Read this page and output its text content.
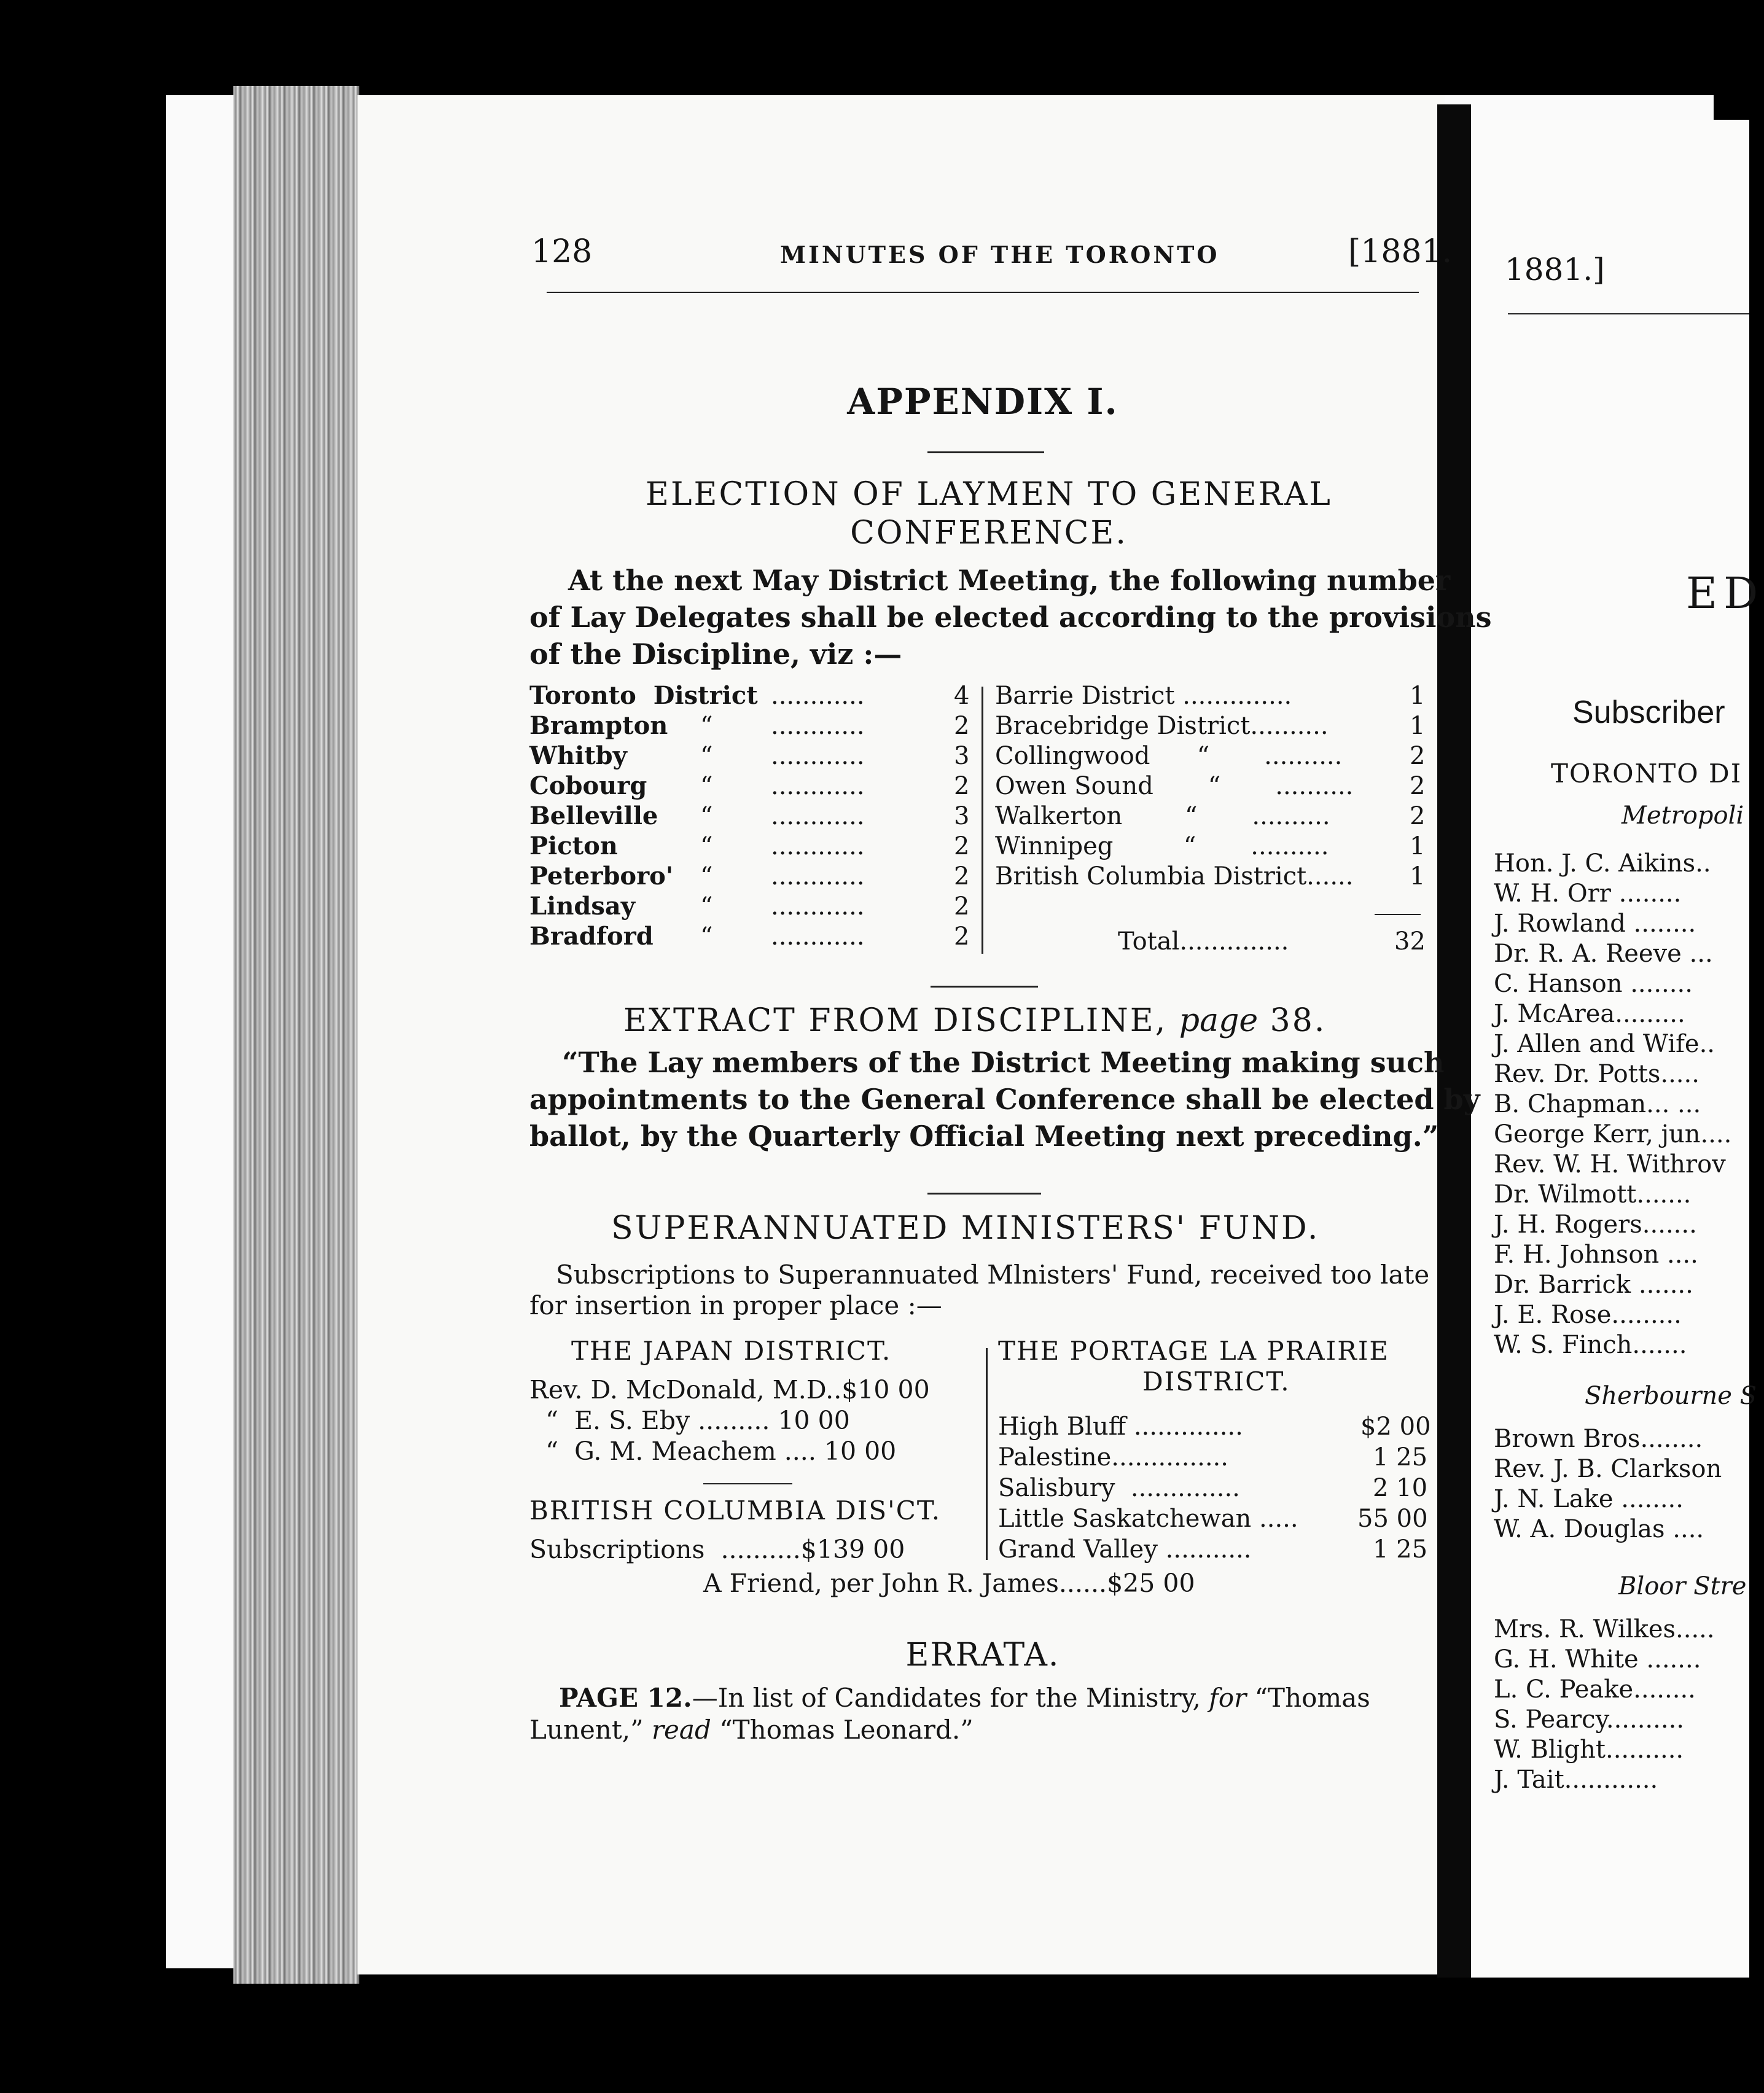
128	MINUTES OF THE TORONTO	[1881.
APPENDIX I.
ELECTION OF LAYMEN TO GENERAL
CONFERENCE.
At the next May District Meeting, the following number
of Lay Delegates shall be elected according to the provisions
of the Discipline, viz :—
Toronto  District ............	4
Brampton “ ............	2
Whitby	“ ............	3
Cobourg “ ............	2
Belleville “ ............	3
Picton	“ ............	2
Peterboro' “ ............	2
Lindsay	“ ............	2
Bradford “ ............	2
Barrie District ..............	1
Bracebridge District..........	1
Collingwood      “       ..........	2
Owen Sound       “       .......... 2
Walkerton        “       ..........	2
Winnipeg         “       ..........	1
British Columbia District...... 1
Total..............	32
EXTRACT FROM DISCIPLINE, page 38.
“The Lay members of the District Meeting making such
appointments to the General Conference shall be elected by
ballot, by the Quarterly Official Meeting next preceding.”
SUPERANNUATED MINISTERS' FUND.
Subscriptions to Superannuated Mlnisters' Fund, received too late
for insertion in proper place :—
THE JAPAN DISTRICT.
Rev. D. McDonald, M.D..$10 00
“  E. S. Eby ......... 10 00
“  G. M. Meachem .... 10 00
BRITISH COLUMBIA DIS'CT.
Subscriptions  ..........$139 00
THE PORTAGE LA PRAIRIE
DISTRICT.
High Bluff ..............	$2 00
Palestine...............	1 25
Salisbury  ..............	2 10
Little Saskatchewan ..... 55 00
Grand Valley ...........	1 25
A Friend, per John R. James......$25 00
ERRATA.
PAGE 12.—In list of Candidates for the Ministry, for “Thomas
Lunent,” read “Thomas Leonard.”
1881.]
ED
Subscriber
TORONTO DI
Metropoli
Hon. J. C. Aikins..
W. H. Orr ........
J. Rowland ........
Dr. R. A. Reeve ...
C. Hanson ........
J. McArea.........
J. Allen and Wife..
Rev. Dr. Potts.....
B. Chapman... ...
George Kerr, jun....
Rev. W. H. Withrov
Dr. Wilmott.......
J. H. Rogers.......
F. H. Johnson ....
Dr. Barrick .......
J. E. Rose.........
W. S. Finch.......
Sherbourne S
Brown Bros........
Rev. J. B. Clarkson
J. N. Lake ........
W. A. Douglas ....
Bloor Stre
Mrs. R. Wilkes.....
G. H. White .......
L. C. Peake........
S. Pearcy..........
W. Blight..........
J. Tait............
